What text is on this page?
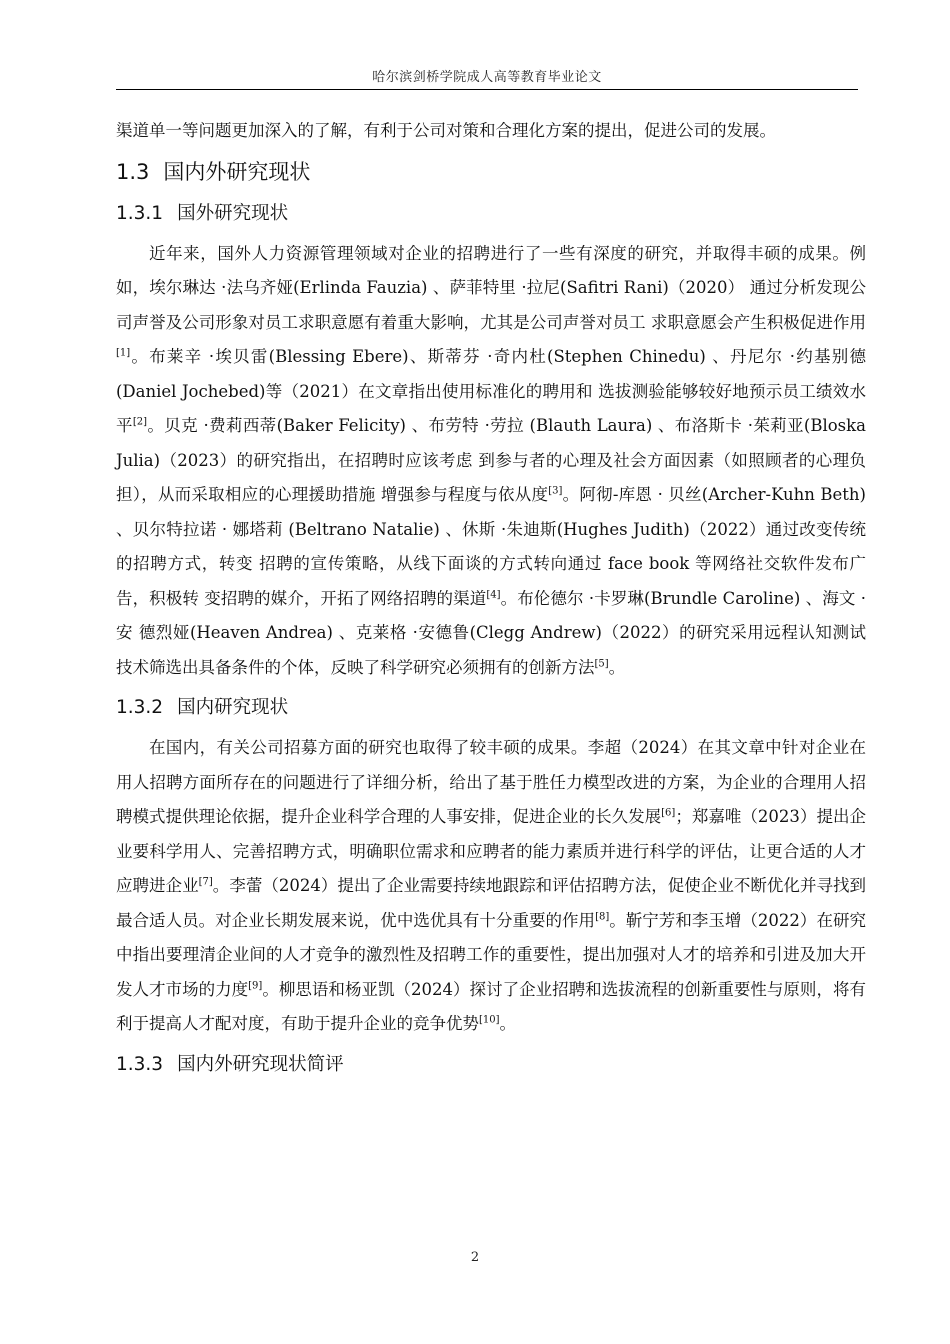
哈尔滨剑桥学院成人高等教育毕业论文

渠道单一等问题更加深入的了解，有利于公司对策和合理化方案的提出，促进公司的发展。

1.3 国内外研究现状
1.3.1 国外研究现状

近年来，国外人力资源管理领域对企业的招聘进行了一些有深度的研究，并取得丰硕的成果。例如，埃尔琳达 ·法乌齐娅(Erlinda Fauzia) 、萨菲特里 ·拉尼(Safitri Rani)（2020） 通过分析发现公司声誉及公司形象对员工求职意愿有着重大影响，尤其是公司声誉对员工 求职意愿会产生积极促进作用[1]。布莱辛 ·埃贝雷(Blessing Ebere)、斯蒂芬 ·奇内杜(Stephen Chinedu) 、丹尼尔 ·约基别德(Daniel Jochebed)等（2021）在文章指出使用标准化的聘用和 选拔测验能够较好地预示员工绩效水平[2]。贝克 ·费莉西蒂(Baker Felicity) 、布劳特 ·劳拉 (Blauth Laura) 、布洛斯卡 ·茱莉亚(Bloska Julia)（2023）的研究指出，在招聘时应该考虑 到参与者的心理及社会方面因素（如照顾者的心理负担），从而采取相应的心理援助措施 增强参与程度与依从度[3]。阿彻-库恩 · 贝丝(Archer-Kuhn Beth) 、贝尔特拉诺 · 娜塔莉 (Beltrano Natalie) 、休斯 ·朱迪斯(Hughes Judith)（2022）通过改变传统的招聘方式，转变 招聘的宣传策略，从线下面谈的方式转向通过 face book 等网络社交软件发布广告，积极转 变招聘的媒介，开拓了网络招聘的渠道[4]。布伦德尔 ·卡罗琳(Brundle Caroline) 、海文 ·安 德烈娅(Heaven Andrea) 、克莱格 ·安德鲁(Clegg Andrew)（2022）的研究采用远程认知测试 技术筛选出具备条件的个体，反映了科学研究必须拥有的创新方法[5]。

1.3.2 国内研究现状

在国内，有关公司招募方面的研究也取得了较丰硕的成果。李超（2024）在其文章中针对企业在用人招聘方面所存在的问题进行了详细分析，给出了基于胜任力模型改进的方案，为企业的合理用人招聘模式提供理论依据，提升企业科学合理的人事安排，促进企业的长久发展[6]；郑嘉唯（2023）提出企业要科学用人、完善招聘方式，明确职位需求和应聘者的能力素质并进行科学的评估，让更合适的人才应聘进企业[7]。李蕾（2024）提出了企业需要持续地跟踪和评估招聘方法，促使企业不断优化并寻找到最合适人员。对企业长期发展来说，优中选优具有十分重要的作用[8]。靳宁芳和李玉增（2022）在研究中指出要理清企业间的人才竞争的激烈性及招聘工作的重要性，提出加强对人才的培养和引进及加大开发人才市场的力度[9]。柳思语和杨亚凯（2024）探讨了企业招聘和选拔流程的创新重要性与原则，将有利于提高人才配对度，有助于提升企业的竞争优势[10]。

1.3.3 国内外研究现状简评
2
